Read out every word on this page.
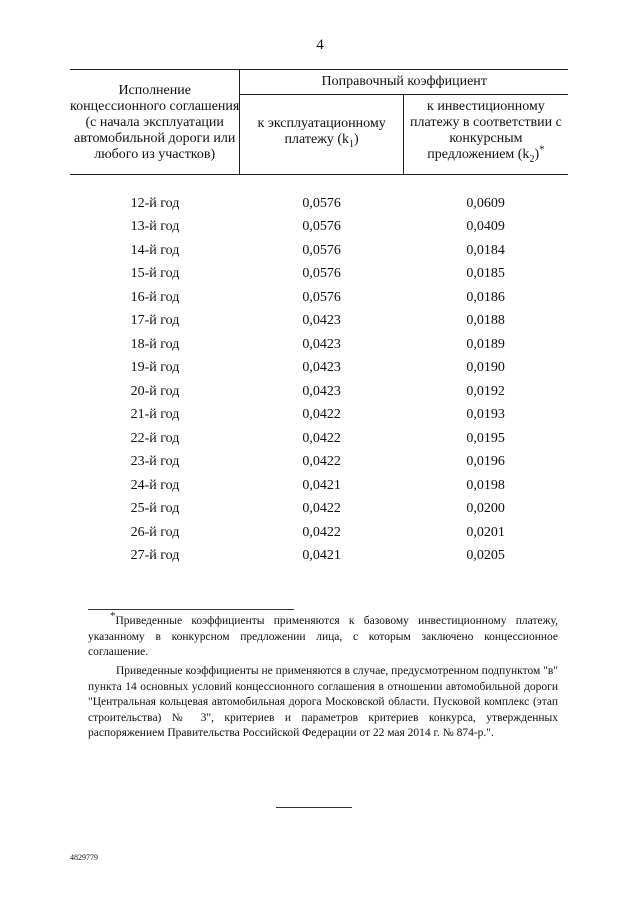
4
Исполнение концессионного соглашения (с начала эксплуатации автомобильной дороги или любого из участков)	Поправочный коэффициент	
	к эксплуатационному платежу $(k_1)$	к инвестиционному платежу в соответствии с конкурсным предложением $(k_2)^*$
12-й год	0,0576	0,0609
13-й год	0,0576	0,0409
14-й год	0,0576	0,0184
15-й год	0,0576	0,0185
16-й год	0,0576	0,0186
17-й год	0,0423	0,0188
18-й год	0,0423	0,0189
19-й год	0,0423	0,0190
20-й год	0,0423	0,0192
21-й год	0,0422	0,0193
22-й год	0,0422	0,0195
23-й год	0,0422	0,0196
24-й год	0,0421	0,0198
25-й год	0,0422	0,0200
26-й год	0,0422	0,0201
27-й год	0,0421	0,0205

*Приведенные коэффициенты применяются к базовому инвестиционному платежу, указанному в конкурсном предложении лица, с которым заключено концессионное соглашение.

Приведенные коэффициенты не применяются в случае, предусмотренном подпунктом "в" пункта 14 основных условий концессионного соглашения в отношении автомобильной дороги "Центральная кольцевая автомобильная дорога Московской области. Пусковой комплекс (этап строительства) № 3", критериев и параметров критериев конкурса, утвержденных распоряжением Правительства Российской Федерации от 22 мая 2014 г. № 874-р.".

4829779
